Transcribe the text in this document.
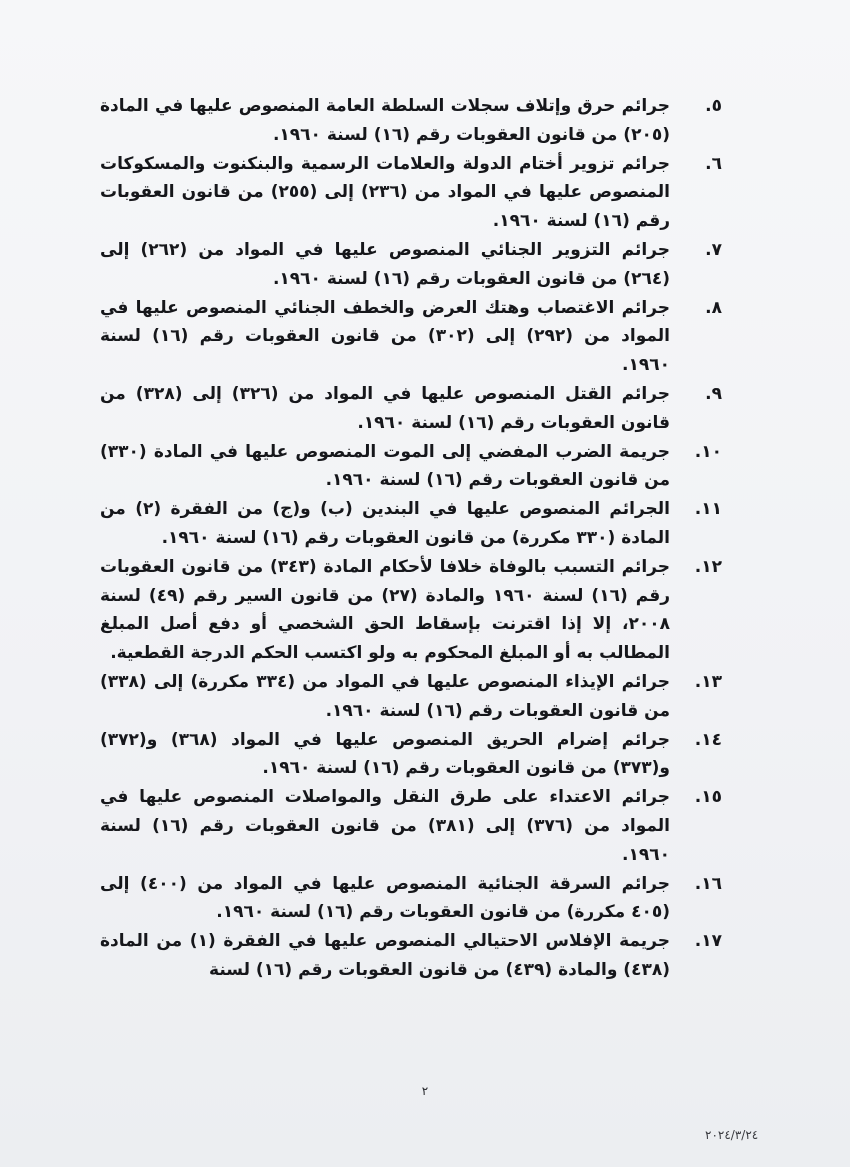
٥.
جرائم حرق وإتلاف سجلات السلطة العامة المنصوص عليها في المادة (٢٠٥) من قانون العقوبات رقم (١٦) لسنة ١٩٦٠.

٦.
جرائم تزوير أختام الدولة والعلامات الرسمية والبنكنوت والمسكوكات المنصوص عليها في المواد من (٢٣٦) إلى (٢٥٥) من قانون العقوبات رقم (١٦) لسنة ١٩٦٠.

٧.
جرائم التزوير الجنائي المنصوص عليها في المواد من (٢٦٢) إلى (٢٦٤) من قانون العقوبات رقم (١٦) لسنة ١٩٦٠.

٨.
جرائم الاغتصاب وهتك العرض والخطف الجنائي المنصوص عليها في المواد من (٢٩٢) إلى (٣٠٢) من قانون العقوبات رقم (١٦) لسنة ١٩٦٠.

٩.
جرائم القتل المنصوص عليها في المواد من (٣٢٦) إلى (٣٢٨) من قانون العقوبات رقم (١٦) لسنة ١٩٦٠.

١٠.
جريمة الضرب المفضي إلى الموت المنصوص عليها في المادة (٣٣٠) من قانون العقوبات رقم (١٦) لسنة ١٩٦٠.

١١.
الجرائم المنصوص عليها في البندين (ب) و(ج) من الفقرة (٢) من المادة (٣٣٠ مكررة) من قانون العقوبات رقم (١٦) لسنة ١٩٦٠.

١٢.
جرائم التسبب بالوفاة خلافا لأحكام المادة (٣٤٣) من قانون العقوبات رقم (١٦) لسنة ١٩٦٠ والمادة (٢٧) من قانون السير رقم (٤٩) لسنة ٢٠٠٨، إلا إذا اقترنت بإسقاط الحق الشخصي أو دفع أصل المبلغ المطالب به أو المبلغ المحكوم به ولو اكتسب الحكم الدرجة القطعية.

١٣.
جرائم الإيذاء المنصوص عليها في المواد من (٣٣٤ مكررة) إلى (٣٣٨) من قانون العقوبات رقم (١٦) لسنة ١٩٦٠.

١٤.
جرائم إضرام الحريق المنصوص عليها في المواد (٣٦٨) و(٣٧٢) و(٣٧٣) من قانون العقوبات رقم (١٦) لسنة ١٩٦٠.

١٥.
جرائم الاعتداء على طرق النقل والمواصلات المنصوص عليها في المواد من (٣٧٦) إلى (٣٨١) من قانون العقوبات رقم (١٦) لسنة ١٩٦٠.

١٦.
جرائم السرقة الجنائية المنصوص عليها في المواد من (٤٠٠) إلى (٤٠٥ مكررة) من قانون العقوبات رقم (١٦) لسنة ١٩٦٠.

١٧.
جريمة الإفلاس الاحتيالي المنصوص عليها في الفقرة (١) من المادة (٤٣٨) والمادة (٤٣٩) من قانون العقوبات رقم (١٦) لسنة

٢
٢٠٢٤/٣/٢٤
